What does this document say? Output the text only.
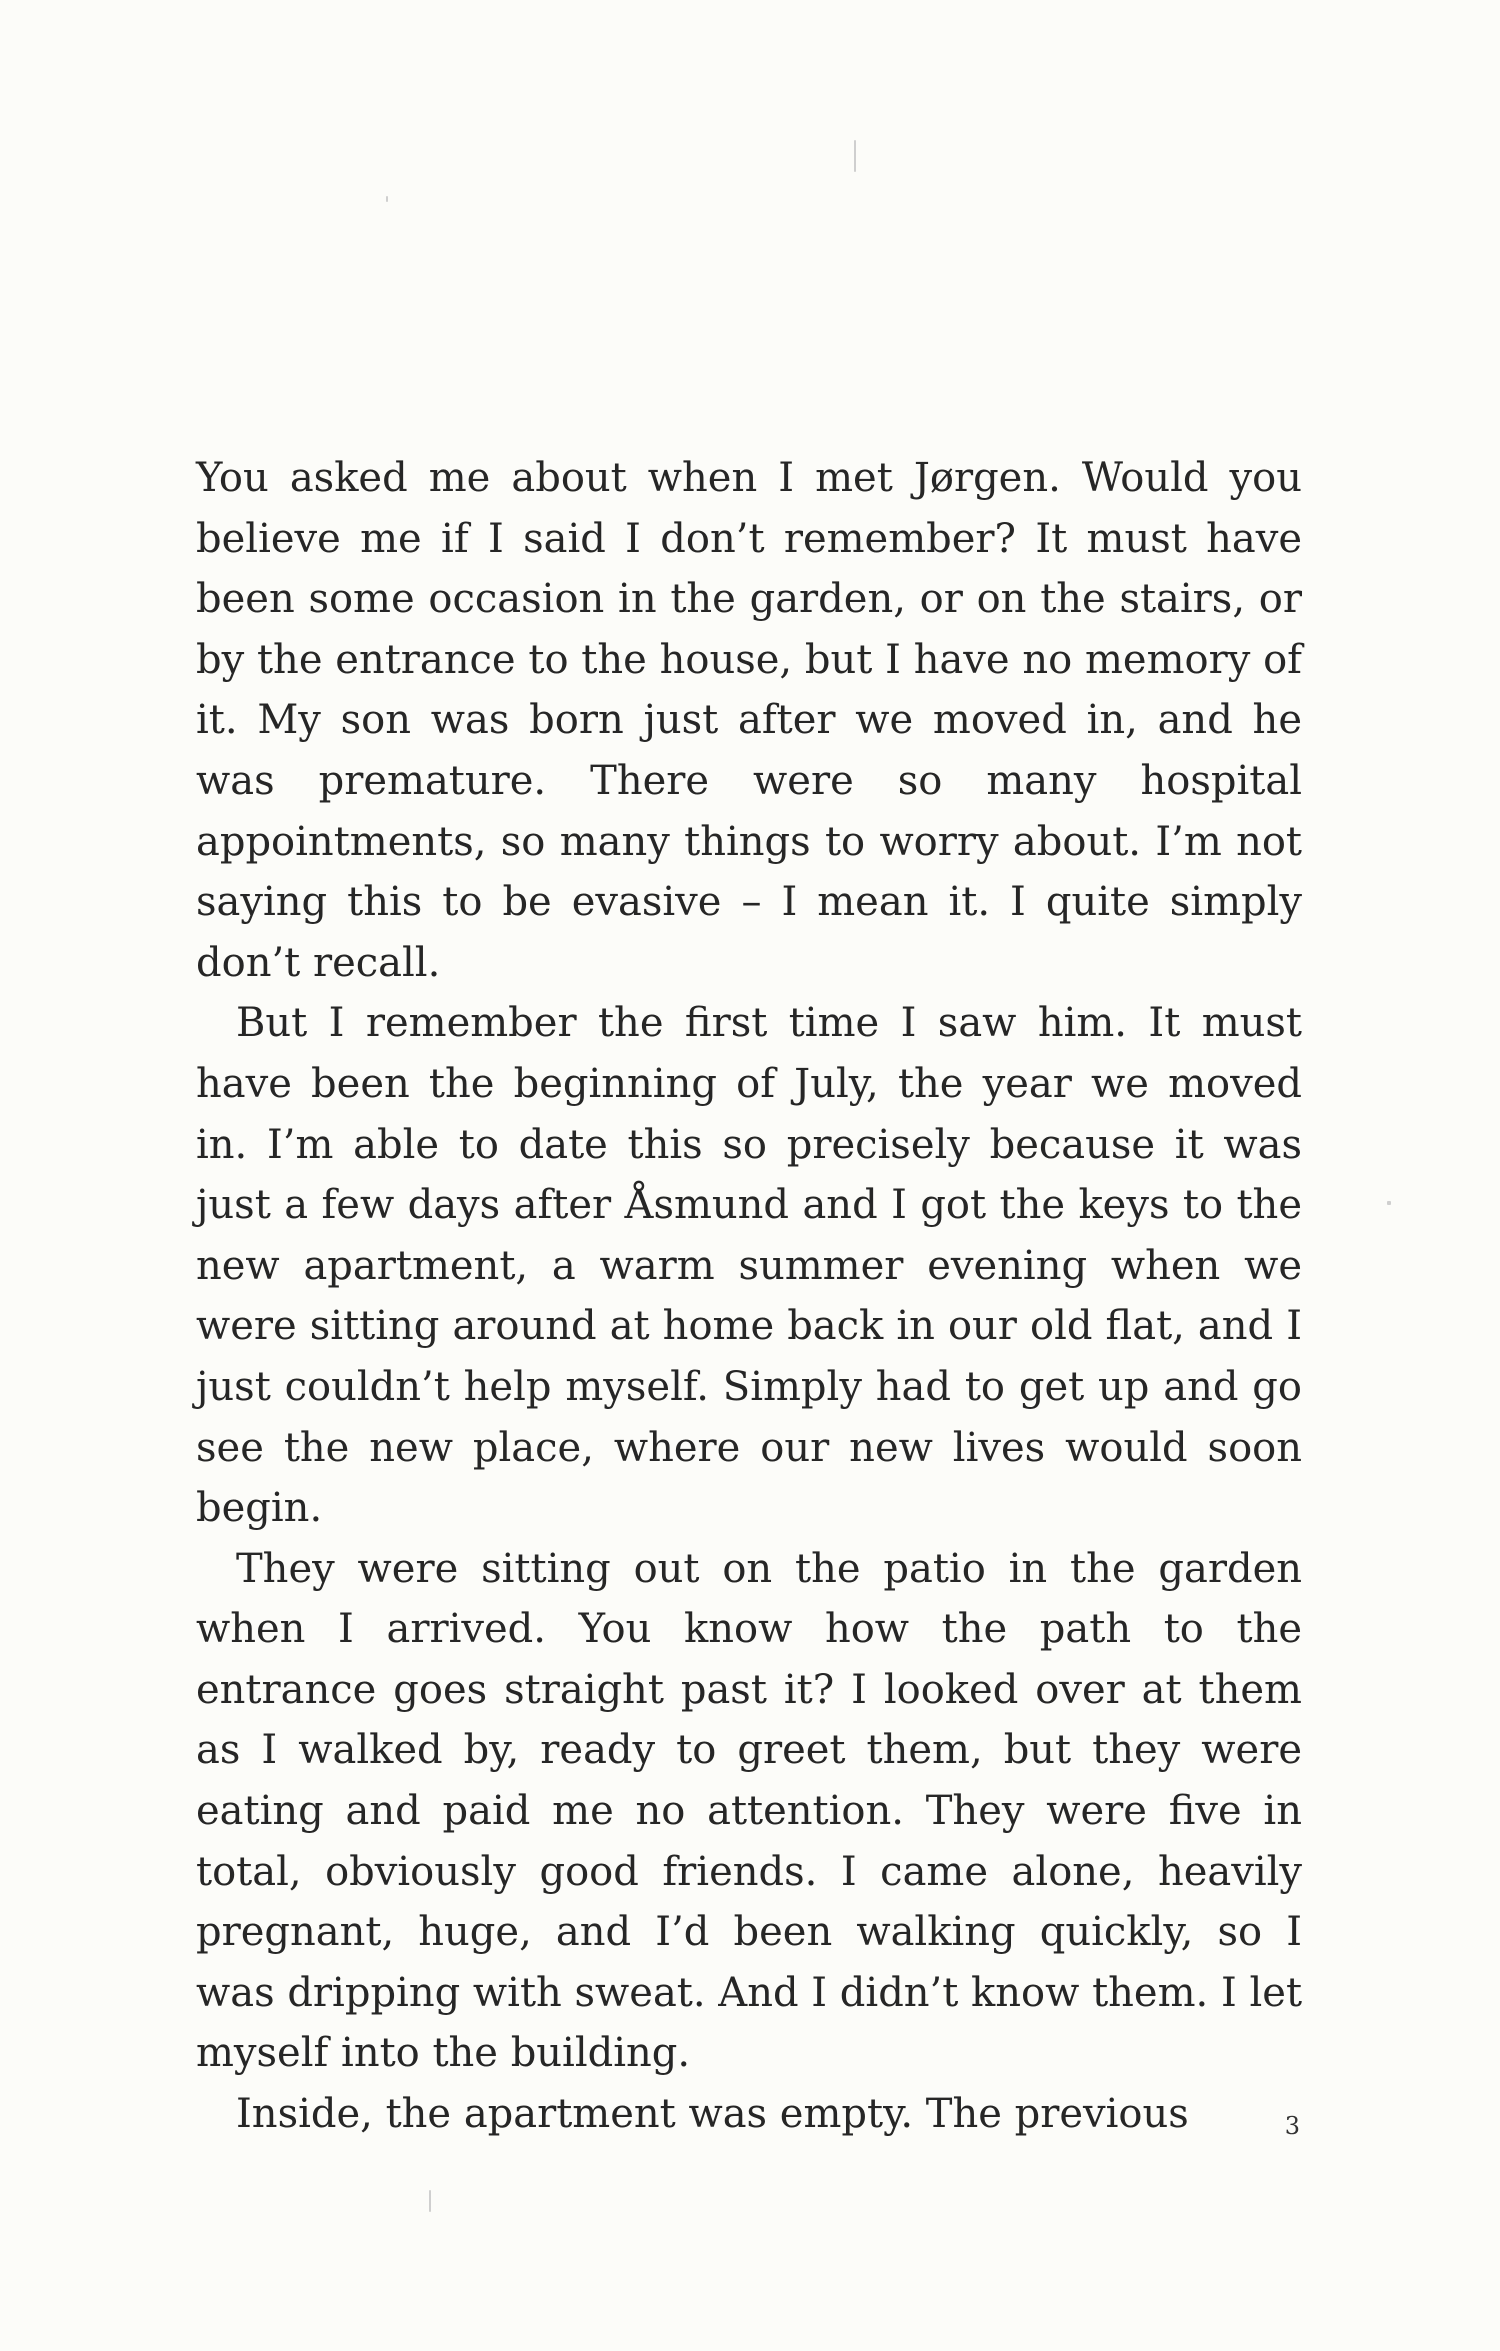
You asked me about when I met Jørgen. Would you believe me if I said I don’t remember? It must have been some occasion in the garden, or on the stairs, or by the entrance to the house, but I have no memory of it. My son was born just after we moved in, and he was premature. There were so many hospital appointments, so many things to worry about. I’m not saying this to be evasive – I mean it. I quite simply don’t recall.

But I remember the first time I saw him. It must have been the beginning of July, the year we moved in. I’m able to date this so precisely because it was just a few days after Åsmund and I got the keys to the new apartment, a warm summer evening when we were sitting around at home back in our old flat, and I just couldn’t help myself. Simply had to get up and go see the new place, where our new lives would soon begin.

They were sitting out on the patio in the garden when I arrived. You know how the path to the entrance goes straight past it? I looked over at them as I walked by, ready to greet them, but they were eating and paid me no attention. They were five in total, obviously good friends. I came alone, heavily pregnant, huge, and I’d been walking quickly, so I was dripping with sweat. And I didn’t know them. I let myself into the building.

Inside, the apartment was empty. The previous	3
